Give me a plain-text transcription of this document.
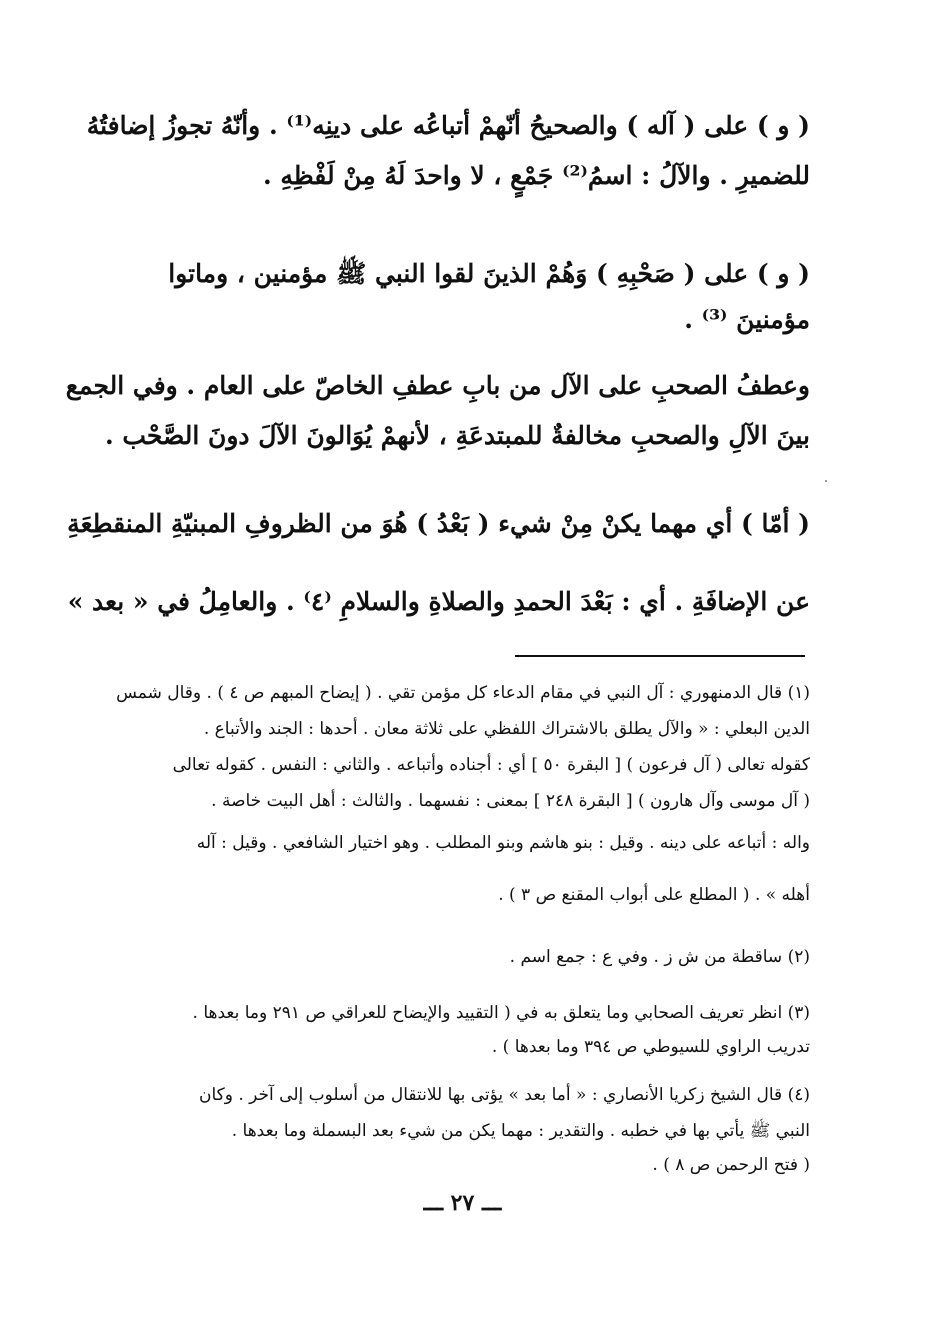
( و ) على ( آله ) والصحيحُ أنّهمْ أتباعُه على دينِه⁽¹⁾ . وأنّهُ تجوزُ إضافتُهُ
للضميرِ . والآلُ : اسمُ⁽²⁾ جَمْعٍ ، لا واحدَ لَهُ مِنْ لَفْظِهِ .
( و ) على ( صَحْبِهِ ) وَهُمْ الذينَ لقوا النبي ﷺ مؤمنين ، وماتوا
مؤمنينَ ⁽³⁾ .
وعطفُ الصحبِ على الآل من بابِ عطفِ الخاصّ على العام . وفي الجمع
بينَ الآلِ والصحبِ مخالفةٌ للمبتدعَةِ ، لأنهمْ يُوَالونَ الآلَ دونَ الصَّحْب .
( أمّا ) أي مهما يكنْ مِنْ شيء ( بَعْدُ ) هُوَ من الظروفِ المبنيّةِ المنقطِعَةِ
عن الإضافَةِ . أي : بَعْدَ الحمدِ والصلاةِ والسلامِ ⁽٤⁾ . والعامِلُ في « بعد »
(١) قال الدمنهوري : آل النبي في مقام الدعاء كل مؤمن تقي . ( إيضاح المبهم ص ٤ ) . وقال شمس
الدين البعلي : « والآل يطلق بالاشتراك اللفظي على ثلاثة معان . أحدها : الجند والأتباع .
كقوله تعالى ( آل فرعون ) [ البقرة ٥٠ ] أي : أجناده وأتباعه . والثاني : النفس . كقوله تعالى
( آل موسى وآل هارون ) [ البقرة ٢٤٨ ] بمعنى : نفسهما . والثالث : أهل البيت خاصة .
واله : أتباعه على دينه . وقيل : بنو هاشم وبنو المطلب . وهو اختيار الشافعي . وقيل : آله
أهله » . ( المطلع على أبواب المقنع ص ٣ ) .
(٢) ساقطة من ش ز . وفي ع : جمع اسم .
(٣) انظر تعريف الصحابي وما يتعلق به في ( التقييد والإيضاح للعراقي ص ٢٩١ وما بعدها .
تدريب الراوي للسيوطي ص ٣٩٤ وما بعدها ) .
(٤) قال الشيخ زكريا الأنصاري : « أما بعد » يؤتى بها للانتقال من أسلوب إلى آخر . وكان
النبي ﷺ يأتي بها في خطبه . والتقدير : مهما يكن من شيء بعد البسملة وما بعدها .
( فتح الرحمن ص ٨ ) .
ـــ ٢٧ ـــ
